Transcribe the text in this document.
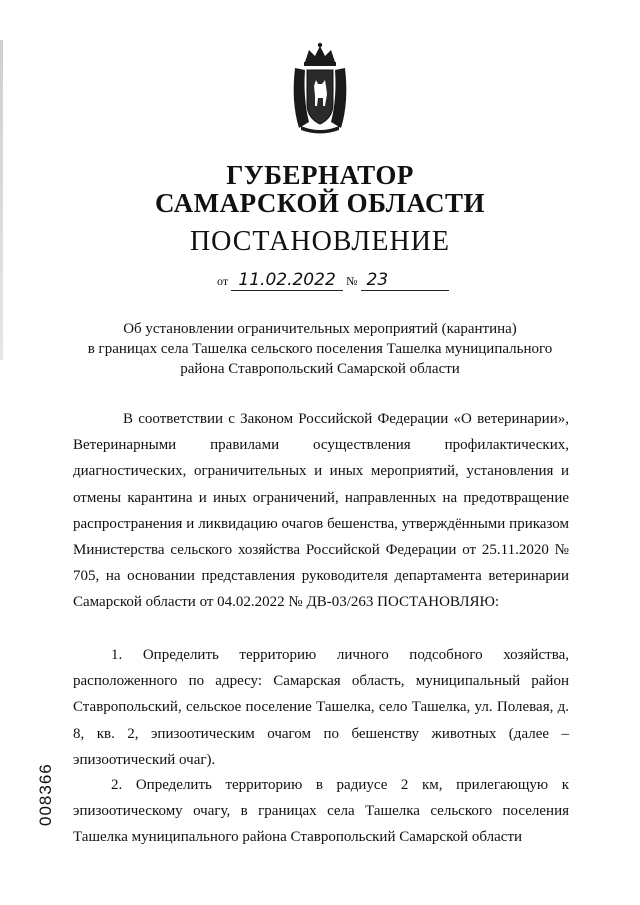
ГУБЕРНАТОР
САМАРСКОЙ ОБЛАСТИ
ПОСТАНОВЛЕНИЕ
от 11.02.2022 № 23
Об установлении ограничительных мероприятий (карантина)
в границах села Ташелка сельского поселения Ташелка муниципального
района Ставропольский Самарской области
В соответствии с Законом Российской Федерации «О ветеринарии», Ветеринарными правилами осуществления профилактических, диагностических, ограничительных и иных мероприятий, установления и отмены карантина и иных ограничений, направленных на предотвращение распространения и ликвидацию очагов бешенства, утверждёнными приказом Министерства сельского хозяйства Российской Федерации от 25.11.2020 № 705, на основании представления руководителя департамента ветеринарии Самарской области от 04.02.2022 № ДВ-03/263 ПОСТАНОВЛЯЮ:
1. Определить территорию личного подсобного хозяйства, расположенного по адресу: Самарская область, муниципальный район Ставропольский, сельское поселение Ташелка, село Ташелка, ул. Полевая, д. 8, кв. 2, эпизоотическим очагом по бешенству животных (далее – эпизоотический очаг).
2. Определить территорию в радиусе 2 км, прилегающую к эпизоотическому очагу, в границах села Ташелка сельского поселения Ташелка муниципального района Ставропольский Самарской области
008366
